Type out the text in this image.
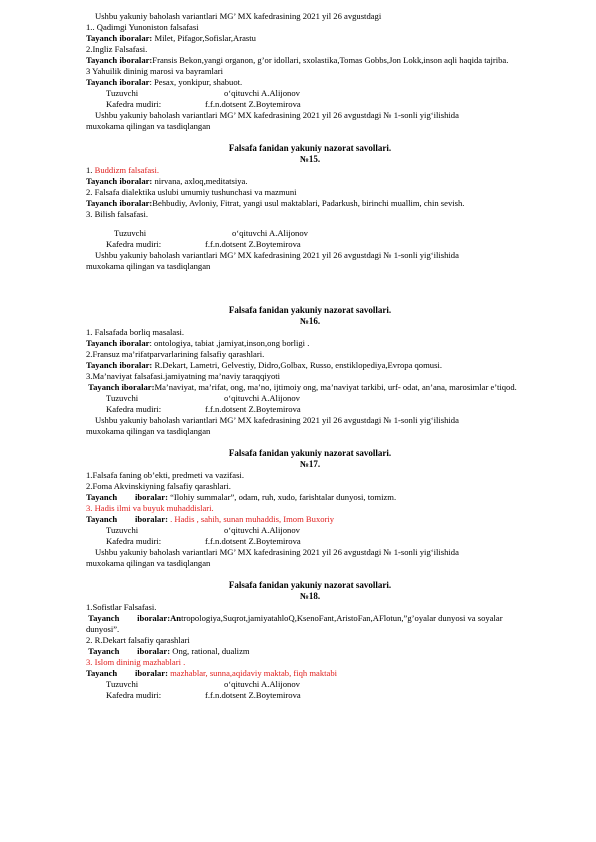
Ushbu yakuniy baholash variantlari MG’ MX kafedrasining 2021 yil 26 avgustdagi
1.. Qadimgi Yunoniston falsafasi
Tayanch iboralar: Milet, Pifagor,Sofislar,Arastu
2.Ingliz Falsafasi.
Tayanch iboralar:Fransis Bekon,yangi organon, g’or idollari, sxolastika,Tomas Gobbs,Jon Lokk,inson aqli haqida tajriba.
3 Yahuilik dininig marosi va bayramlari
Tayanch iboralar: Pesax, yonkipur, shabuot.
Tuzuvchi	o‘qituvchi A.Alijonov
Kafedra mudiri:	f.f.n.dotsent Z.Boytemirova
Ushbu yakuniy baholash variantlari MG’ MX kafedrasining 2021 yil 26 avgustdagi № 1-sonli yig‘ilishida
muxokama qilingan va tasdiqlangan
Falsafa fanidan yakuniy nazorat savollari.
№15.
1. Buddizm falsafasi.
Tayanch iboralar: nirvana, axloq,meditatsiya.
2. Falsafa dialektika uslubi umumiy tushunchasi va mazmuni
Tayanch iboralar:Behbudiy, Avloniy, Fitrat, yangi usul maktablari, Padarkush, birinchi muallim, chin sevish.
3. Bilish falsafasi.
Tuzuvchi	o‘qituvchi A.Alijonov
Kafedra mudiri:	f.f.n.dotsent Z.Boytemirova
Ushbu yakuniy baholash variantlari MG’ MX kafedrasining 2021 yil 26 avgustdagi № 1-sonli yig‘ilishida
muxokama qilingan va tasdiqlangan
Falsafa fanidan yakuniy nazorat savollari.
№16.
1. Falsafada borliq masalasi.
Tayanch iboralar: ontologiya, tabiat ,jamiyat,inson,ong borligi .
2.Fransuz ma’rifatparvarlarining falsafiy qarashlari.
Tayanch iboralar: R.Dekart, Lametri, Gelvestiy, Didro,Golbax, Russo, enstiklopediya,Evropa qomusi.
3.Ma’naviyat falsafasi.jamiyatning ma’naviy taraqqiyoti
Tayanch iboralar:Ma’naviyat, ma’rifat, ong, ma’no, ijtimoiy ong, ma’naviyat tarkibi, urf- odat, an’ana, marosimlar e’tiqod.
Tuzuvchi	o‘qituvchi A.Alijonov
Kafedra mudiri:	f.f.n.dotsent Z.Boytemirova
Ushbu yakuniy baholash variantlari MG’ MX kafedrasining 2021 yil 26 avgustdagi № 1-sonli yig‘ilishida
muxokama qilingan va tasdiqlangan
Falsafa fanidan yakuniy nazorat savollari.
№17.
1.Falsafa faning ob’ekti, predmeti va vazifasi.
2.Foma Akvinskiyning falsafiy qarashlari.
Tayanch iboralar: “Ilohiy summalar”, odam, ruh, xudo, farishtalar dunyosi, tomizm.
3. Hadis ilmi va buyuk muhaddislari.
Tayanch iboralar: . Hadis , sahih, sunan muhaddis, Imom Buxoriy
Tuzuvchi	o‘qituvchi A.Alijonov
Kafedra mudiri:	f.f.n.dotsent Z.Boytemirova
Ushbu yakuniy baholash variantlari MG’ MX kafedrasining 2021 yil 26 avgustdagi № 1-sonli yig‘ilishida
muxokama qilingan va tasdiqlangan
Falsafa fanidan yakuniy nazorat savollari.
№18.
1.Sofistlar Falsafasi.
Tayanch iboralar:Antropologiya,Suqrot,jamiyatahloQ,KsenoFant,AristoFan,AFlotun,”g’oyalar dunyosi va soyalar dunyosi”.
2. R.Dekart falsafiy qarashlari
Tayanch iboralar: Ong, rational, dualizm
3. Islom dininig mazhablari .
Tayanch iboralar: mazhablar, sunna,aqidaviy maktab, fiqh maktabi
Tuzuvchi	o‘qituvchi A.Alijonov
Kafedra mudiri:	f.f.n.dotsent Z.Boytemirova
